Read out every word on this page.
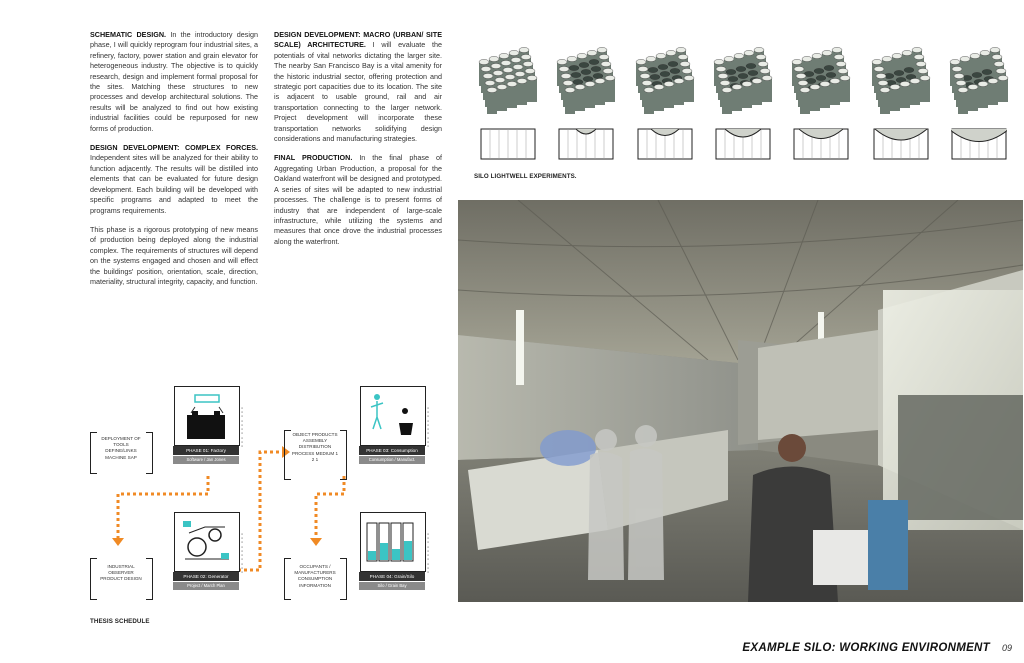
SCHEMATIC DESIGN. In the introductory design phase, I will quickly reprogram four industrial sites, a refinery, factory, power station and grain elevator for heterogeneous industry. The objective is to quickly research, design and implement formal proposal for the sites. Matching these structures to new processes and develop architectural solutions. The results will be analyzed to find out how existing industrial facilities could be repurposed for new forms of production.

DESIGN DEVELOPMENT: COMPLEX FORCES. Independent sites will be analyzed for their ability to function adjacently. The results will be distilled into elements that can be evaluated for future design development. Each building will be developed with specific programs and adapted to meet the programs requirements.

This phase is a rigorous prototyping of new means of production being deployed along the industrial complex. The requirements of structures will depend on the systems engaged and chosen and will effect the buildings' position, orientation, scale, direction, materiality, structural integrity, capacity, and function.

DESIGN DEVELOPMENT: MACRO (URBAN/ SITE SCALE) ARCHITECTURE. I will evaluate the potentials of vital networks dictating the larger site. The nearby San Francisco Bay is a vital amenity for the historic industrial sector, offering protection and strategic port capacities due to its location. The site is adjacent to usable ground, rail and air transportation connecting to the larger network. Project development will incorporate these transportation networks solidifying design considerations and manufacturing strategies.

FINAL PRODUCTION. In the final phase of Aggregating Urban Production, a proposal for the Oakland waterfront will be designed and prototyped. A series of sites will be adapted to new industrial processes. The challenge is to present forms of industry that are independent of large-scale infrastructure, while utilizing the systems and measures that once drove the industrial processes along the waterfront.

SILO LIGHTWELL EXPERIMENTS.
DEPLOYMENT OF TOOLS DEFINE/LINKS MACHINE SAP
INDUSTRIAL OBSERVER PRODUCT DESIGN
OBJECT PRODUCTS ASSEMBLY DISTRIBUTION PROCESS MEDIUM 1 2 1
OCCUPANTS / MANUFACTURERS CONSUMPTION INFORMATION
PHASE 01: Factory
Software / Jan Jones
▪▪▪ ▪▪▪▪ ▪▪▪
PHASE 02: Generator
Project / March Plan
▪▪▪ ▪▪▪▪ ▪▪▪
PHASE 03: Consumption
Consumption / Manufact.
▪▪▪ ▪▪▪▪ ▪▪▪
PHASE 04: Grain/Silo
Silo / Grain Bay
▪▪▪ ▪▪▪▪ ▪▪▪
THESIS SCHEDULE
EXAMPLE SILO: WORKING ENVIRONMENT 09
